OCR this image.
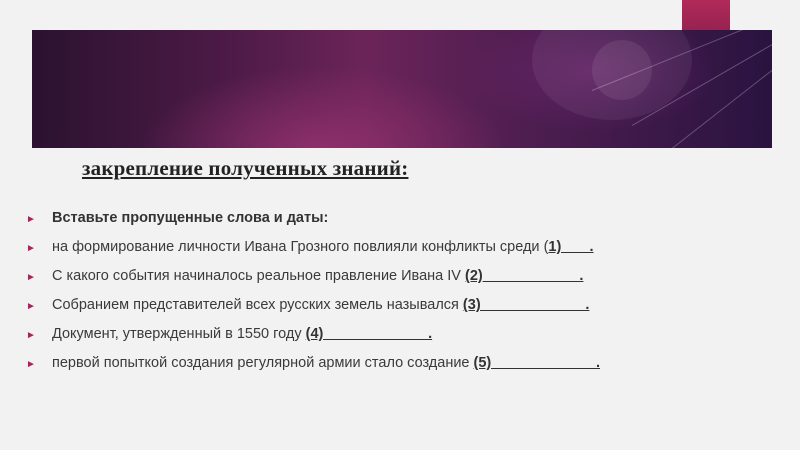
закрепление полученных знаний:
►	Вставьте пропущенные слова и даты:
►	на формирование личности Ивана Грозного повлияли конфликты среди ( 1)       .
►	С какого события начиналось реальное правление Ивана IV (2)                        .
►	Собранием представителей всех русских земель назывался (3)                          .
►	Документ, утвержденный в 1550 году (4)                          .
►	первой попыткой создания регулярной армии стало создание (5)                          .
